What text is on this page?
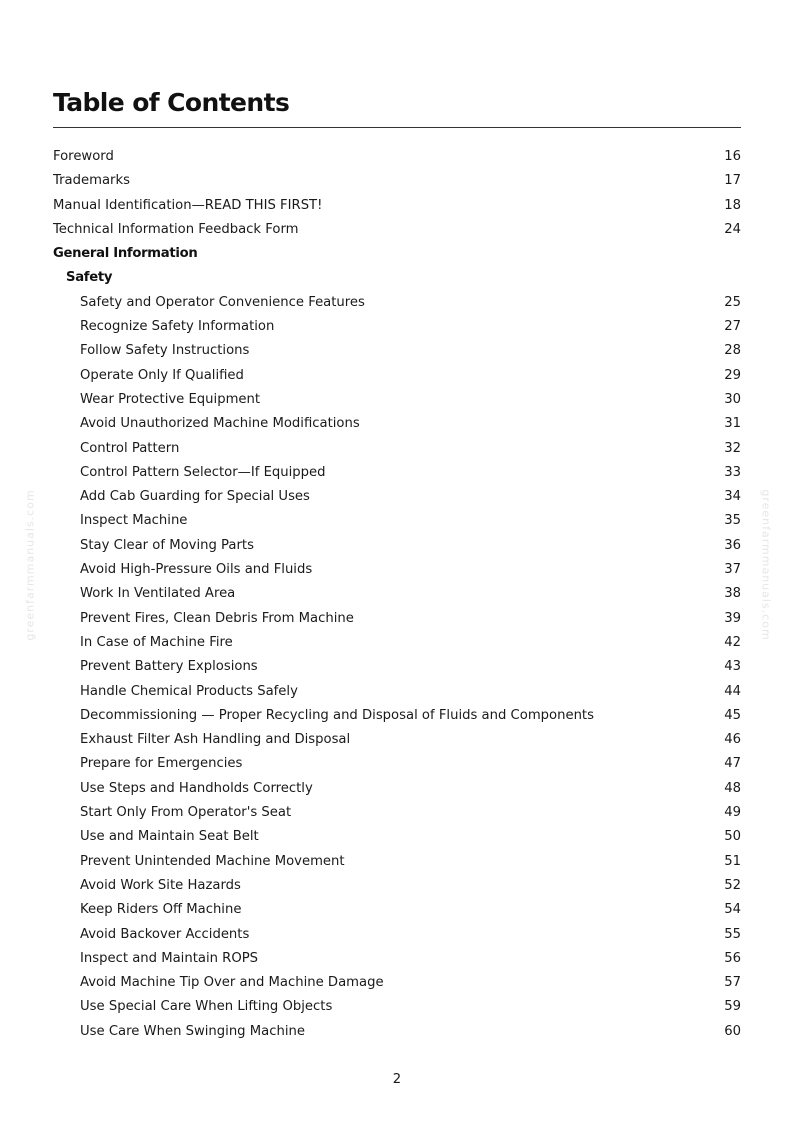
Table of Contents
greenfarmmanuals.com	greenfarmmanuals.com
Foreword	16
Trademarks	17
Manual Identification—READ THIS FIRST!	18
Technical Information Feedback Form	24
General Information
Safety
Safety and Operator Convenience Features	25
Recognize Safety Information	27
Follow Safety Instructions	28
Operate Only If Qualified	29
Wear Protective Equipment	30
Avoid Unauthorized Machine Modifications	31
Control Pattern	32
Control Pattern Selector—If Equipped	33
Add Cab Guarding for Special Uses	34
Inspect Machine	35
Stay Clear of Moving Parts	36
Avoid High-Pressure Oils and Fluids	37
Work In Ventilated Area	38
Prevent Fires, Clean Debris From Machine	39
In Case of Machine Fire	42
Prevent Battery Explosions	43
Handle Chemical Products Safely	44
Decommissioning — Proper Recycling and Disposal of Fluids and Components	45
Exhaust Filter Ash Handling and Disposal	46
Prepare for Emergencies	47
Use Steps and Handholds Correctly	48
Start Only From Operator's Seat	49
Use and Maintain Seat Belt	50
Prevent Unintended Machine Movement	51
Avoid Work Site Hazards	52
Keep Riders Off Machine	54
Avoid Backover Accidents	55
Inspect and Maintain ROPS	56
Avoid Machine Tip Over and Machine Damage	57
Use Special Care When Lifting Objects	59
Use Care When Swinging Machine	60
2
